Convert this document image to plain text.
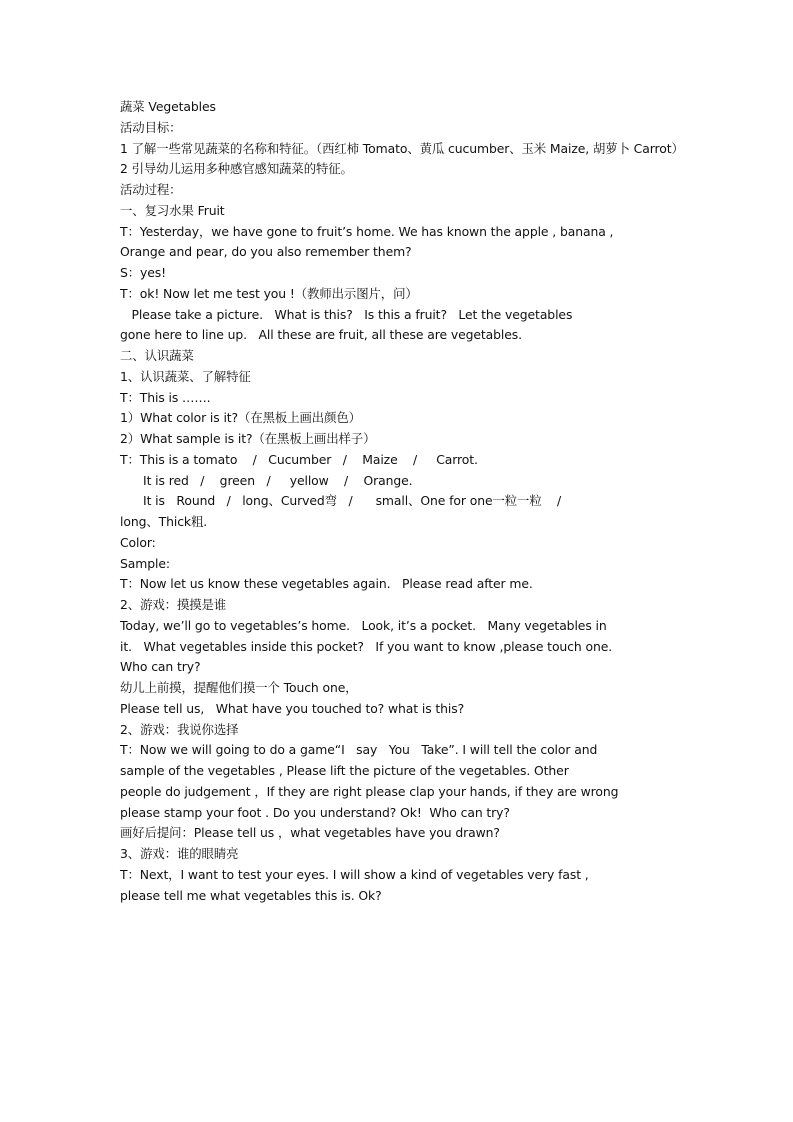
蔬菜 Vegetables
活动目标：
1 了解一些常见蔬菜的名称和特征。（西红柿 Tomato、黄瓜 cucumber、玉米 Maize, 胡萝卜 Carrot）
2 引导幼儿运用多种感官感知蔬菜的特征。
活动过程：
一、复习水果 Fruit
T：Yesterday，we have gone to fruit’s home. We has known the apple , banana ,
Orange and pear, do you also remember them?
S：yes!
T：ok! Now let me test you !（教师出示图片，问）
Please take a picture.   What is this?   Is this a fruit?   Let the vegetables
gone here to line up.   All these are fruit, all these are vegetables.
二、认识蔬菜
1、认识蔬菜、了解特征
T：This is …….
1）What color is it?（在黑板上画出颜色）
2）What sample is it?（在黑板上画出样子）
T：This is a tomato    /   Cucumber   /    Maize    /     Carrot.
It is red   /    green   /     yellow    /    Orange.
It is   Round   /   long、Curved弯   /      small、One for one一粒一粒    /
long、Thick粗.
Color:
Sample:
T：Now let us know these vegetables again.   Please read after me.
2、游戏：摸摸是谁
Today, we’ll go to vegetables’s home.   Look, it’s a pocket.   Many vegetables in
it.   What vegetables inside this pocket?   If you want to know ,please touch one.
Who can try?
幼儿上前摸，提醒他们摸一个 Touch one，
Please tell us,   What have you touched to? what is this?
2、游戏：我说你选择
T：Now we will going to do a game“I   say   You   Take”. I will tell the color and
sample of the vegetables , Please lift the picture of the vegetables. Other
people do judgement ，If they are right please clap your hands, if they are wrong
please stamp your foot . Do you understand? Ok!  Who can try?
画好后提问：Please tell us ，what vegetables have you drawn?
3、游戏：谁的眼睛亮
T：Next，I want to test your eyes. I will show a kind of vegetables very fast ,
please tell me what vegetables this is. Ok?
